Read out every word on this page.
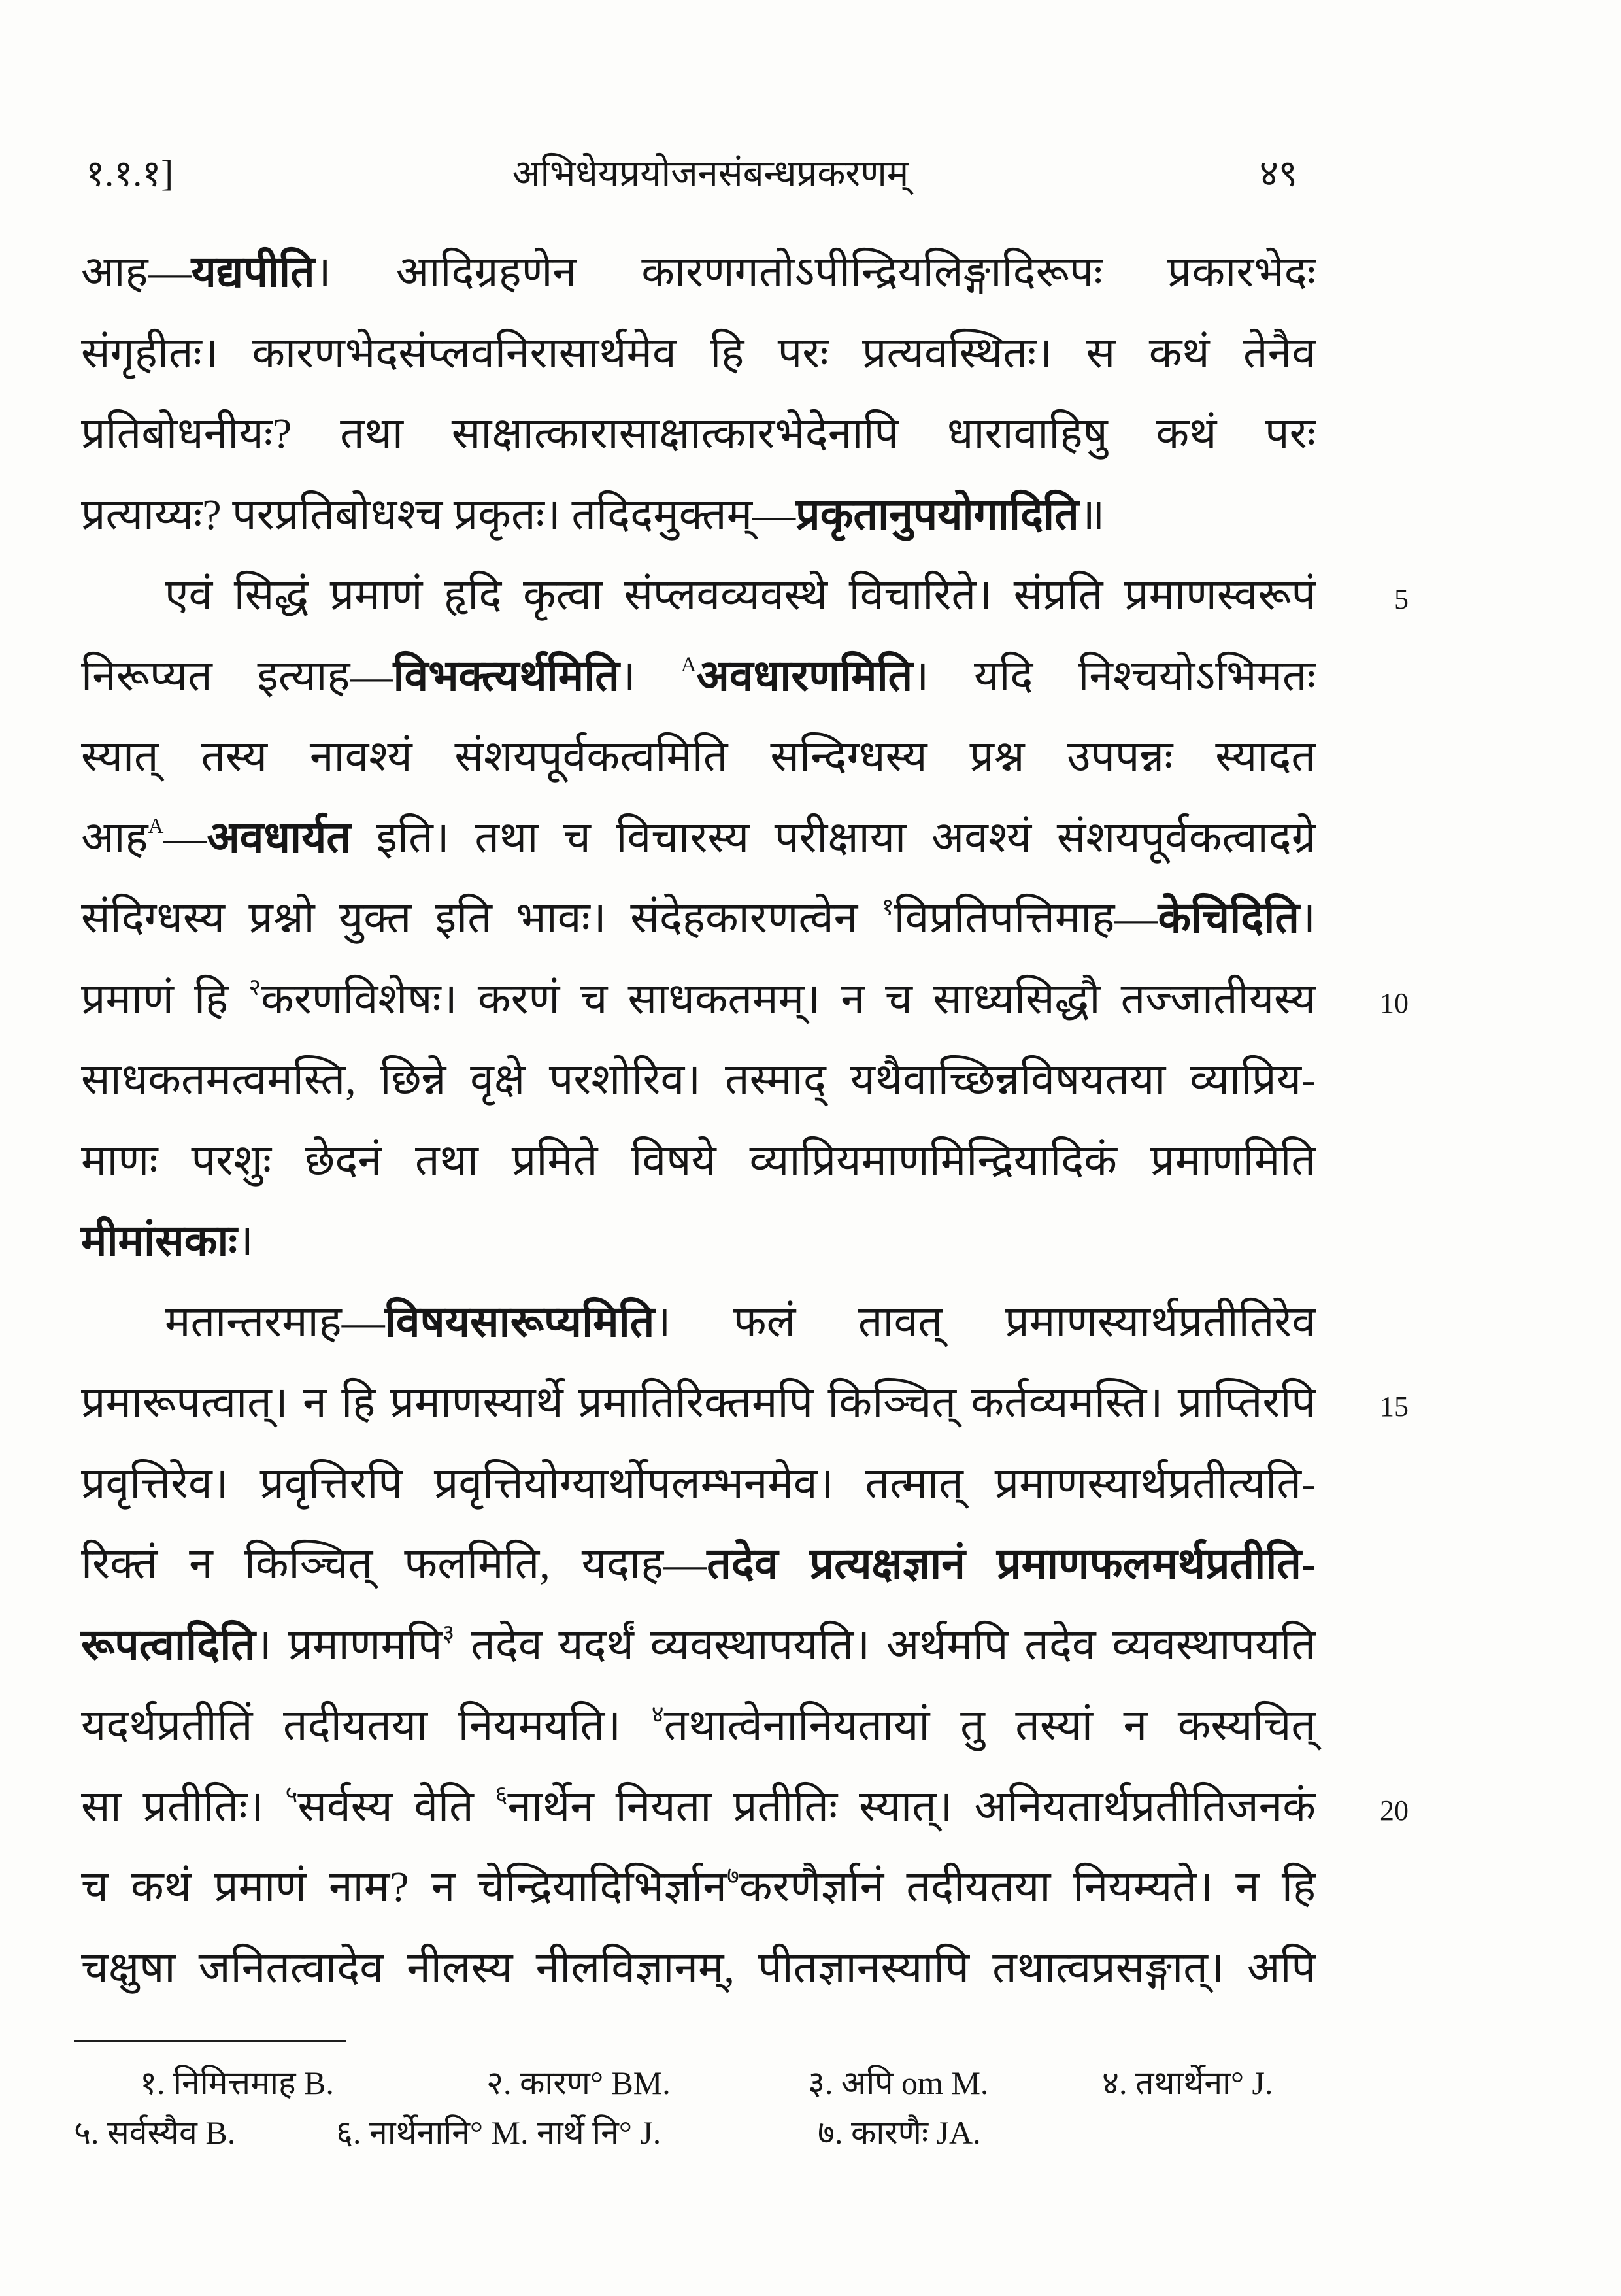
१.१.१]	अभिधेयप्रयोजनसंबन्धप्रकरणम्	४९
आह—यद्यपीति। आदिग्रहणेन कारणगतोऽपीन्द्रियलिङ्गादिरूपः प्रकारभेदः
संगृहीतः। कारणभेदसंप्लवनिरासार्थमेव हि परः प्रत्यवस्थितः। स कथं तेनैव
प्रतिबोधनीयः? तथा साक्षात्कारासाक्षात्कारभेदेनापि धारावाहिषु कथं परः
प्रत्याय्यः? परप्रतिबोधश्च प्रकृतः। तदिदमुक्तम्—प्रकृतानुपयोगादिति॥
एवं सिद्धं प्रमाणं हृदि कृत्वा संप्लवव्यवस्थे विचारिते। संप्रति प्रमाणस्वरूपं	5
निरूप्यत इत्याह—विभक्त्यर्थमिति। $^A$अवधारणमिति। यदि निश्चयोऽभिमतः
स्यात् तस्य नावश्यं संशयपूर्वकत्वमिति सन्दिग्धस्य प्रश्न उपपन्नः स्यादत
आह$^A$—अवधार्यत इति। तथा च विचारस्य परीक्षाया अवश्यं संशयपूर्वकत्वादग्रे
संदिग्धस्य प्रश्नो युक्त इति भावः। संदेहकारणत्वेन $^१$विप्रतिपत्तिमाह—केचिदिति।
प्रमाणं हि $^२$करणविशेषः। करणं च साधकतमम्। न च साध्यसिद्धौ तज्जातीयस्य 10
साधकतमत्वमस्ति, छिन्ने वृक्षे परशोरिव। तस्माद् यथैवाच्छिन्नविषयतया व्याप्रिय-
माणः परशुः छेदनं तथा प्रमिते विषये व्याप्रियमाणमिन्द्रियादिकं प्रमाणमिति
मीमांसकाः।
मतान्तरमाह—विषयसारूप्यमिति। फलं तावत् प्रमाणस्यार्थप्रतीतिरेव
प्रमारूपत्वात्। न हि प्रमाणस्यार्थे प्रमातिरिक्तमपि किञ्चित् कर्तव्यमस्ति। प्राप्तिरपि 15
प्रवृत्तिरेव। प्रवृत्तिरपि प्रवृत्तियोग्यार्थोपलम्भनमेव। तत्मात् प्रमाणस्यार्थप्रतीत्यति-
रिक्तं न किञ्चित् फलमिति, यदाह—तदेव प्रत्यक्षज्ञानं प्रमाणफलमर्थप्रतीति-
रूपत्वादिति। प्रमाणमपि$^३$ तदेव यदर्थं व्यवस्थापयति। अर्थमपि तदेव व्यवस्थापयति
यदर्थप्रतीतिं तदीयतया नियमयति। $^४$तथात्वेनानियतायां तु तस्यां न कस्यचित्
सा प्रतीतिः। $^५$सर्वस्य वेति $^६$नार्थेन नियता प्रतीतिः स्यात्। अनियतार्थप्रतीतिजनकं 20
च कथं प्रमाणं नाम? न चेन्द्रियादिभिर्ज्ञान$^७$करणैर्ज्ञानं तदीयतया नियम्यते। न हि
चक्षुषा जनितत्वादेव नीलस्य नीलविज्ञानम्, पीतज्ञानस्यापि तथात्वप्रसङ्गात्। अपि
१. निमित्तमाह B.	२. कारण° BM.	३. अपि om M.	४. तथार्थेना° J.
५. सर्वस्यैव B.	६. नार्थेनानि° M. नार्थे नि° J.	७. कारणैः JA.
